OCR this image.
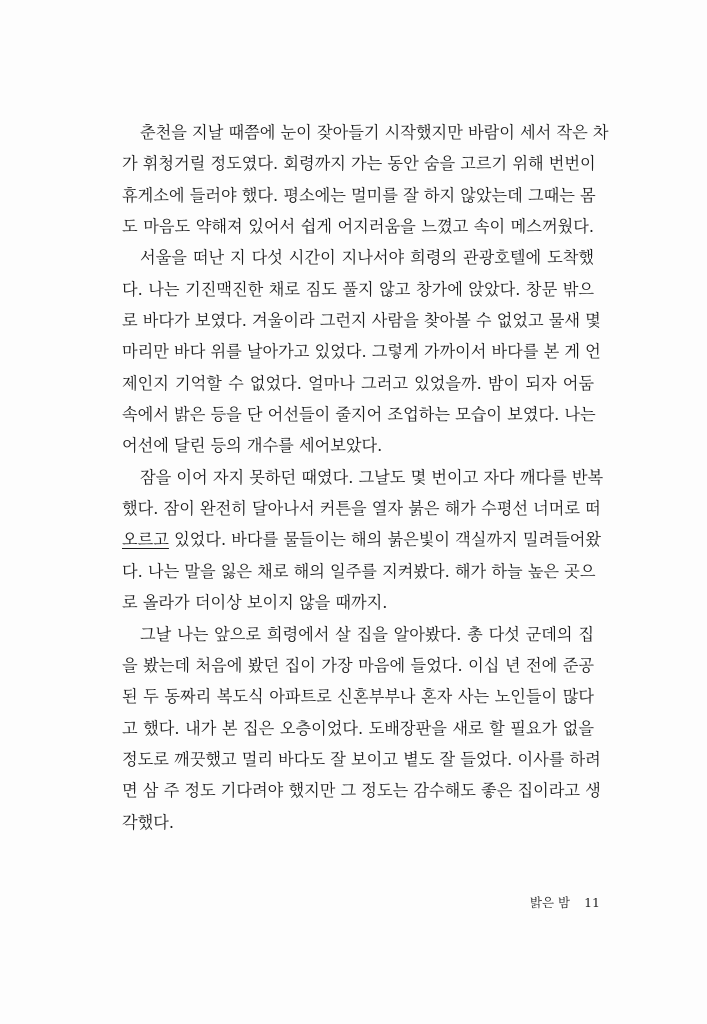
춘천을 지날 때쯤에 눈이 잦아들기 시작했지만 바람이 세서 작은 차
가 휘청거릴 정도였다. 회령까지 가는 동안 숨을 고르기 위해 번번이
휴게소에 들러야 했다. 평소에는 멀미를 잘 하지 않았는데 그때는 몸
도 마음도 약해져 있어서 쉽게 어지러움을 느꼈고 속이 메스꺼웠다.
서울을 떠난 지 다섯 시간이 지나서야 희령의 관광호텔에 도착했
다. 나는 기진맥진한 채로 짐도 풀지 않고 창가에 앉았다. 창문 밖으
로 바다가 보였다. 겨울이라 그런지 사람을 찾아볼 수 없었고 물새 몇
마리만 바다 위를 날아가고 있었다. 그렇게 가까이서 바다를 본 게 언
제인지 기억할 수 없었다. 얼마나 그러고 있었을까. 밤이 되자 어둠
속에서 밝은 등을 단 어선들이 줄지어 조업하는 모습이 보였다. 나는
어선에 달린 등의 개수를 세어보았다.
잠을 이어 자지 못하던 때였다. 그날도 몇 번이고 자다 깨다를 반복
했다. 잠이 완전히 달아나서 커튼을 열자 붉은 해가 수평선 너머로 떠
오르고 있었다. 바다를 물들이는 해의 붉은빛이 객실까지 밀려들어왔
다. 나는 말을 잃은 채로 해의 일주를 지켜봤다. 해가 하늘 높은 곳으
로 올라가 더이상 보이지 않을 때까지.
그날 나는 앞으로 희령에서 살 집을 알아봤다. 총 다섯 군데의 집
을 봤는데 처음에 봤던 집이 가장 마음에 들었다. 이십 년 전에 준공
된 두 동짜리 복도식 아파트로 신혼부부나 혼자 사는 노인들이 많다
고 했다. 내가 본 집은 오층이었다. 도배장판을 새로 할 필요가 없을
정도로 깨끗했고 멀리 바다도 잘 보이고 볕도 잘 들었다. 이사를 하려
면 삼 주 정도 기다려야 했지만 그 정도는 감수해도 좋은 집이라고 생
각했다.
밝은 밤 11
